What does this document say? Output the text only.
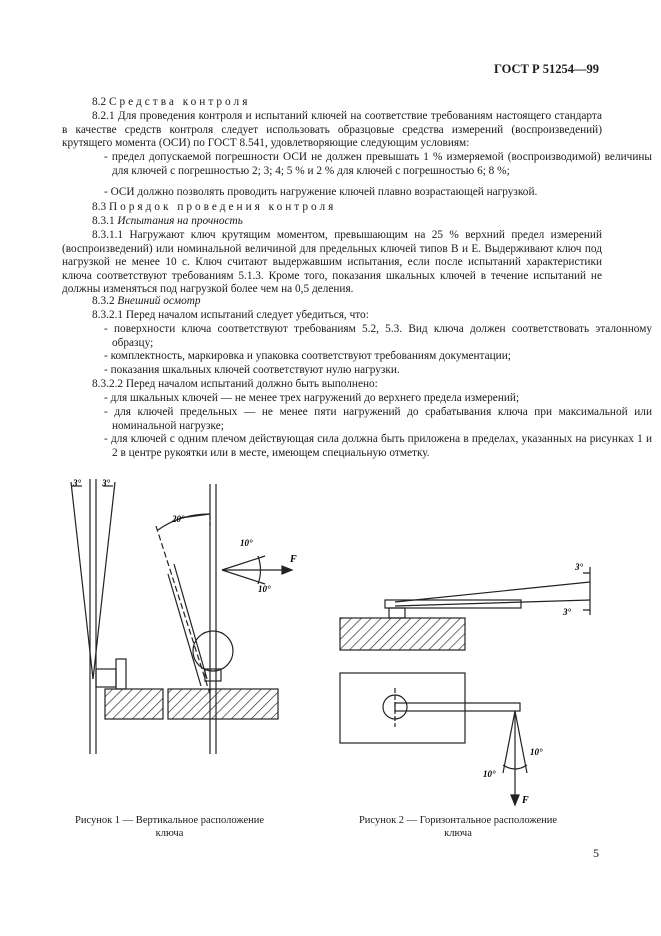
ГОСТ Р 51254—99
8.2 Средства контроля

8.2.1 Для проведения контроля и испытаний ключей на соответствие требованиям настоящего стандарта в качестве средств контроля следует использовать образцовые средства измерений (воспроизведений) крутящего момента (ОСИ) по ГОСТ 8.541, удовлетворяющие следующим условиям:

- предел допускаемой погрешности ОСИ не должен превышать 1 % измеряемой (воспроизводимой) величины для ключей с погрешностью 2; 3; 4; 5 % и 2 % для ключей с погрешностью 6; 8 %;

- ОСИ должно позволять проводить нагружение ключей плавно возрастающей нагрузкой.

8.3 Порядок проведения контроля
8.3.1 Испытания на прочность

8.3.1.1 Нагружают ключ крутящим моментом, превышающим на 25 % верхний предел измерений (воспроизведений) или номинальной величиной для предельных ключей типов В и Е. Выдерживают ключ под нагрузкой не менее 10 с. Ключ считают выдержавшим испытания, если после испытаний характеристики ключа соответствуют требованиям 5.1.3. Кроме того, показания шкальных ключей в течение испытаний не должны изменяться под нагрузкой более чем на 0,5 деления.

8.3.2 Внешний осмотр

8.3.2.1 Перед началом испытаний следует убедиться, что:

- поверхности ключа соответствуют требованиям 5.2, 5.3. Вид ключа должен соответствовать эталонному образцу;

- комплектность, маркировка и упаковка соответствуют требованиям документации;

- показания шкальных ключей соответствуют нулю нагрузки.

8.3.2.2 Перед началом испытаний должно быть выполнено:

- для шкальных ключей — не менее трех нагружений до верхнего предела измерений;

- для ключей предельных — не менее пяти нагружений до срабатывания ключа при максимальной или номинальной нагрузке;

- для ключей с одним плечом действующая сила должна быть приложена в пределах, указанных на рисунках 1 и 2 в центре рукоятки или в месте, имеющем специальную отметку.

3° 3°
20°
10°
10°
F
3°
3°
10°
10°
F
Рисунок 1 — Вертикальное расположение ключа
Рисунок 2 — Горизонтальное расположение ключа
5
